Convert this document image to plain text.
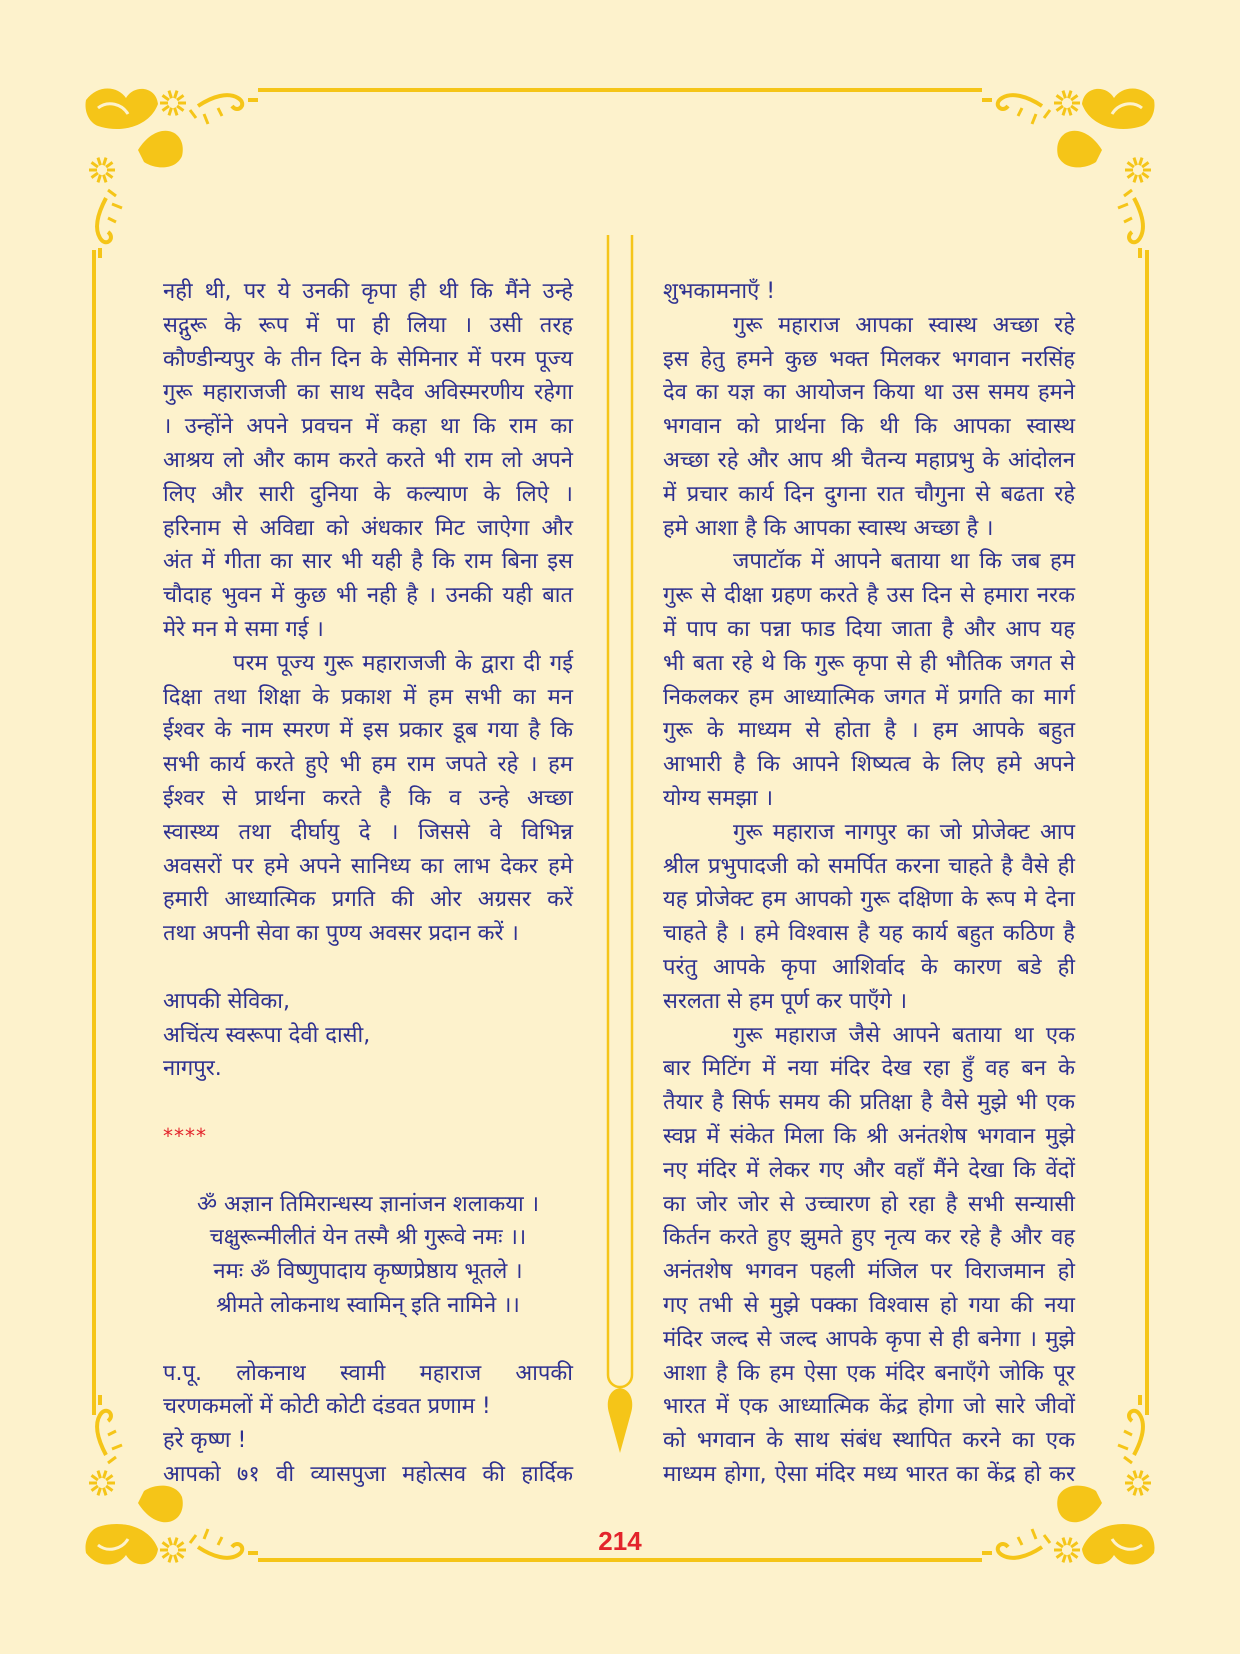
नही थी, पर ये उनकी कृपा ही थी कि मैंने उन्हे
सद्गुरू के रूप में पा ही लिया । उसी तरह
कौण्डीन्यपुर के तीन दिन के सेमिनार में परम पूज्य
गुरू महाराजजी का साथ सदैव अविस्मरणीय रहेगा
। उन्होंने अपने प्रवचन में कहा था कि राम का
आश्रय लो और काम करते करते भी राम लो अपने
लिए और सारी दुनिया के कल्याण के लिऐ ।
हरिनाम से अविद्या को अंधकार मिट जाऐगा और
अंत में गीता का सार भी यही है कि राम बिना इस
चौदाह भुवन में कुछ भी नही है । उनकी यही बात
मेरे मन मे समा गई ।
परम पूज्य गुरू महाराजजी के द्वारा दी गई
दिक्षा तथा शिक्षा के प्रकाश में हम सभी का मन
ईश्वर के नाम स्मरण में इस प्रकार डूब गया है कि
सभी कार्य करते हुऐ भी हम राम जपते रहे । हम
ईश्वर से प्रार्थना करते है कि व उन्हे अच्छा
स्वास्थ्य तथा दीर्घायु दे । जिससे वे विभिन्न
अवसरों पर हमे अपने सानिध्य का लाभ देकर हमे
हमारी आध्यात्मिक प्रगति की ओर अग्रसर करें
तथा अपनी सेवा का पुण्य अवसर प्रदान करें ।
आपकी सेविका,
अचिंत्य स्वरूपा देवी दासी,
नागपुर.
****
ॐ अज्ञान तिमिरान्धस्य ज्ञानांजन शलाकया ।
चक्षुरून्मीलीतं येन तस्मै श्री गुरूवे नमः ।।
नमः ॐ विष्णुपादाय कृष्णप्रेष्ठाय भूतले ।
श्रीमते लोकनाथ स्वामिन् इति नामिने ।।
प.पू. लोकनाथ स्वामी महाराज आपकी
चरणकमलों में कोटी कोटी दंडवत प्रणाम !
हरे कृष्ण !
आपको ७१ वी व्यासपुजा महोत्सव की हार्दिक
शुभकामनाएँ !
गुरू महाराज आपका स्वास्थ अच्छा रहे
इस हेतु हमने कुछ भक्त मिलकर भगवान नरसिंह
देव का यज्ञ का आयोजन किया था उस समय हमने
भगवान को प्रार्थना कि थी कि आपका स्वास्थ
अच्छा रहे और आप श्री चैतन्य महाप्रभु के आंदोलन
में प्रचार कार्य दिन दुगना रात चौगुना से बढता रहे
हमे आशा है कि आपका स्वास्थ अच्छा है ।
जपाटॉक में आपने बताया था कि जब हम
गुरू से दीक्षा ग्रहण करते है उस दिन से हमारा नरक
में पाप का पन्ना फाड दिया जाता है और आप यह
भी बता रहे थे कि गुरू कृपा से ही भौतिक जगत से
निकलकर हम आध्यात्मिक जगत में प्रगति का मार्ग
गुरू के माध्यम से होता है । हम आपके बहुत
आभारी है कि आपने शिष्यत्व के लिए हमे अपने
योग्य समझा ।
गुरू महाराज नागपुर का जो प्रोजेक्ट आप
श्रील प्रभुपादजी को समर्पित करना चाहते है वैसे ही
यह प्रोजेक्ट हम आपको गुरू दक्षिणा के रूप मे देना
चाहते है । हमे विश्वास है यह कार्य बहुत कठिण है
परंतु आपके कृपा आशिर्वाद के कारण बडे ही
सरलता से हम पूर्ण कर पाएँगे ।
गुरू महाराज जैसे आपने बताया था एक
बार मिटिंग में नया मंदिर देख रहा हुँ वह बन के
तैयार है सिर्फ समय की प्रतिक्षा है वैसे मुझे भी एक
स्वप्न में संकेत मिला कि श्री अनंतशेष भगवान मुझे
नए मंदिर में लेकर गए और वहाँ मैंने देखा कि वेंदों
का जोर जोर से उच्चारण हो रहा है सभी सन्यासी
किर्तन करते हुए झुमते हुए नृत्य कर रहे है और वह
अनंतशेष भगवन पहली मंजिल पर विराजमान हो
गए तभी से मुझे पक्का विश्वास हो गया की नया
मंदिर जल्द से जल्द आपके कृपा से ही बनेगा । मुझे
आशा है कि हम ऐसा एक मंदिर बनाएँगे जोकि पूर
भारत में एक आध्यात्मिक केंद्र होगा जो सारे जीवों
को भगवान के साथ संबंध स्थापित करने का एक
माध्यम होगा, ऐसा मंदिर मध्य भारत का केंद्र हो कर
214
